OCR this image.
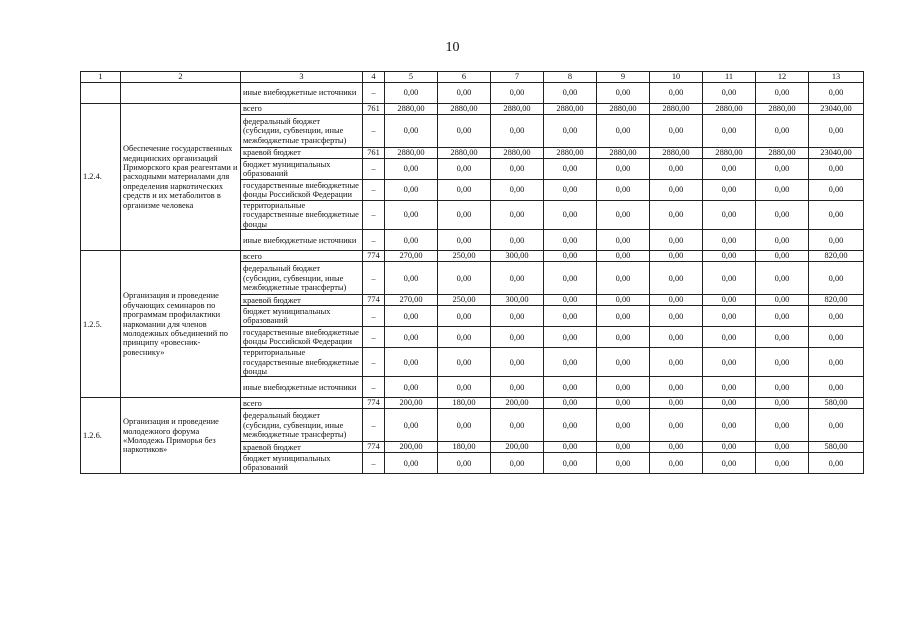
10
1	2	3	4	5	6	7	8	9	10	11	12	13
		иные внебюджетные источники	–	0,00	0,00	0,00	0,00	0,00	0,00	0,00	0,00	0,00
1.2.4.	Обеспечение государственных медицинских организаций Приморского края реагентами и расходными материалами для определения наркотических средств и их метаболитов в организме человека	всего	761	2880,00	2880,00	2880,00	2880,00	2880,00	2880,00	2880,00	2880,00	23040,00
		федеральный бюджет (субсидии, субвенции, иные межбюджетные трансферты)	–	0,00	0,00	0,00	0,00	0,00	0,00	0,00	0,00	0,00
		краевой бюджет	761	2880,00	2880,00	2880,00	2880,00	2880,00	2880,00	2880,00	2880,00	23040,00
		бюджет муниципальных образований	–	0,00	0,00	0,00	0,00	0,00	0,00	0,00	0,00	0,00
		государственные внебюджетные фонды Российской Федерации	–	0,00	0,00	0,00	0,00	0,00	0,00	0,00	0,00	0,00
		территориальные государственные внебюджетные фонды	–	0,00	0,00	0,00	0,00	0,00	0,00	0,00	0,00	0,00
		иные внебюджетные источники	–	0,00	0,00	0,00	0,00	0,00	0,00	0,00	0,00	0,00
1.2.5.	Организация и проведение обучающих семинаров по программам профилактики наркомании для членов молодежных объединений по принципу «ровесник-ровеснику»	всего	774	270,00	250,00	300,00	0,00	0,00	0,00	0,00	0,00	820,00
		федеральный бюджет (субсидии, субвенции, иные межбюджетные трансферты)	–	0,00	0,00	0,00	0,00	0,00	0,00	0,00	0,00	0,00
		краевой бюджет	774	270,00	250,00	300,00	0,00	0,00	0,00	0,00	0,00	820,00
		бюджет муниципальных образований	–	0,00	0,00	0,00	0,00	0,00	0,00	0,00	0,00	0,00
		государственные внебюджетные фонды Российской Федерации	–	0,00	0,00	0,00	0,00	0,00	0,00	0,00	0,00	0,00
		территориальные государственные внебюджетные фонды	–	0,00	0,00	0,00	0,00	0,00	0,00	0,00	0,00	0,00
		иные внебюджетные источники	–	0,00	0,00	0,00	0,00	0,00	0,00	0,00	0,00	0,00
1.2.6.	Организация и проведение молодежного форума «Молодежь Приморья без наркотиков»	всего	774	200,00	180,00	200,00	0,00	0,00	0,00	0,00	0,00	580,00
		федеральный бюджет (субсидии, субвенции, иные межбюджетные трансферты)	–	0,00	0,00	0,00	0,00	0,00	0,00	0,00	0,00	0,00
		краевой бюджет	774	200,00	180,00	200,00	0,00	0,00	0,00	0,00	0,00	580,00
		бюджет муниципальных образований	–	0,00	0,00	0,00	0,00	0,00	0,00	0,00	0,00	0,00
